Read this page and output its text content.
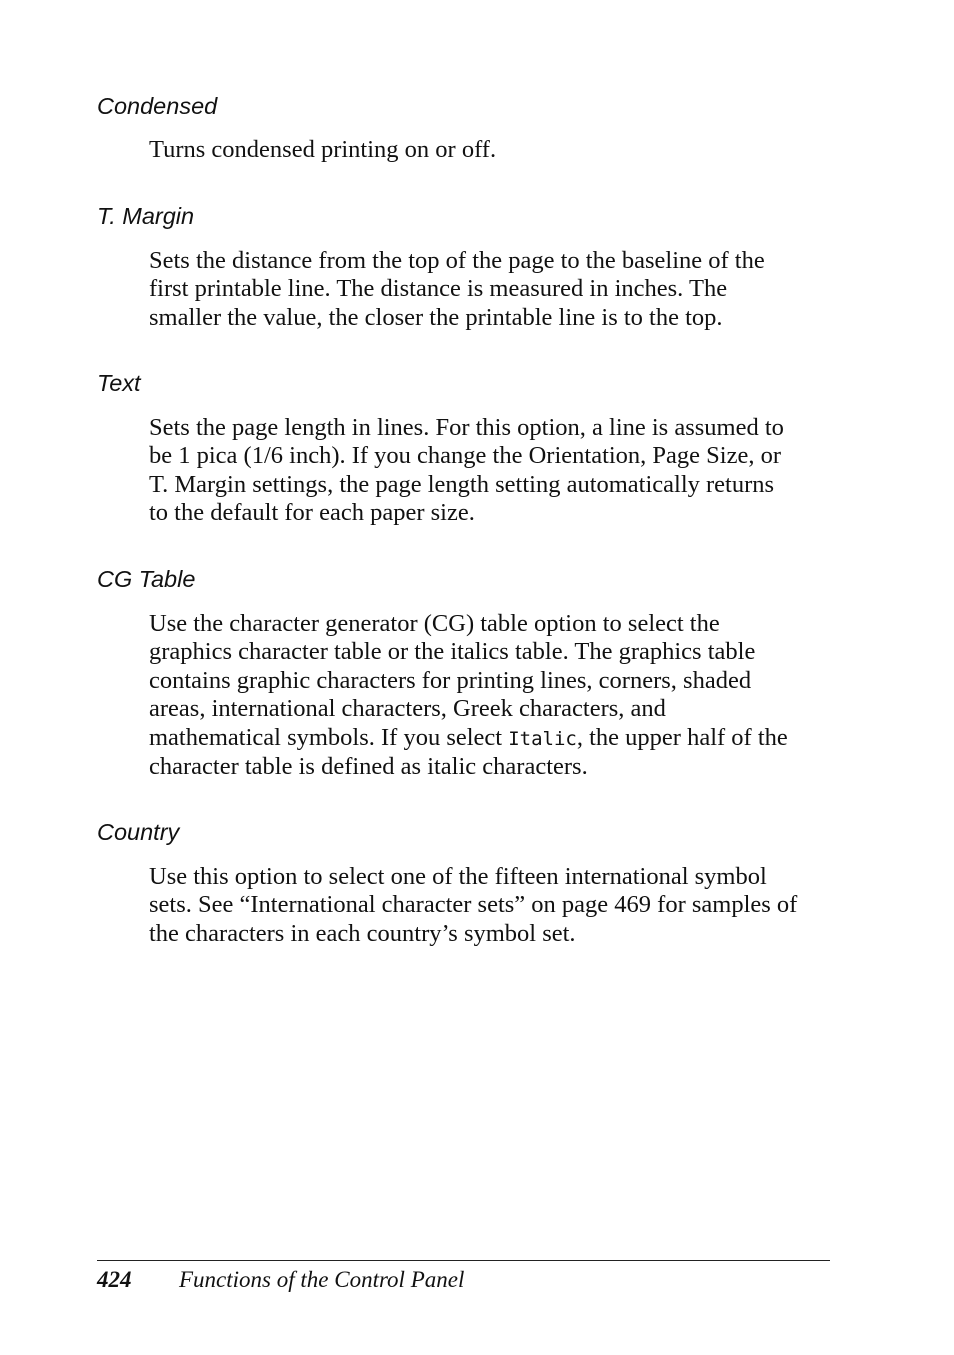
Condensed

Turns condensed printing on or off.

T. Margin

Sets the distance from the top of the page to the baseline of the
first printable line. The distance is measured in inches. The
smaller the value, the closer the printable line is to the top.

Text

Sets the page length in lines. For this option, a line is assumed to
be 1 pica (1/6 inch). If you change the Orientation, Page Size, or
T. Margin settings, the page length setting automatically returns
to the default for each paper size.

CG Table

Use the character generator (CG) table option to select the
graphics character table or the italics table. The graphics table
contains graphic characters for printing lines, corners, shaded
areas, international characters, Greek characters, and
mathematical symbols. If you select Italic, the upper half of the
character table is defined as italic characters.

Country

Use this option to select one of the fifteen international symbol
sets. See “International character sets” on page 469 for samples of
the characters in each country’s symbol set.

424 Functions of the Control Panel
